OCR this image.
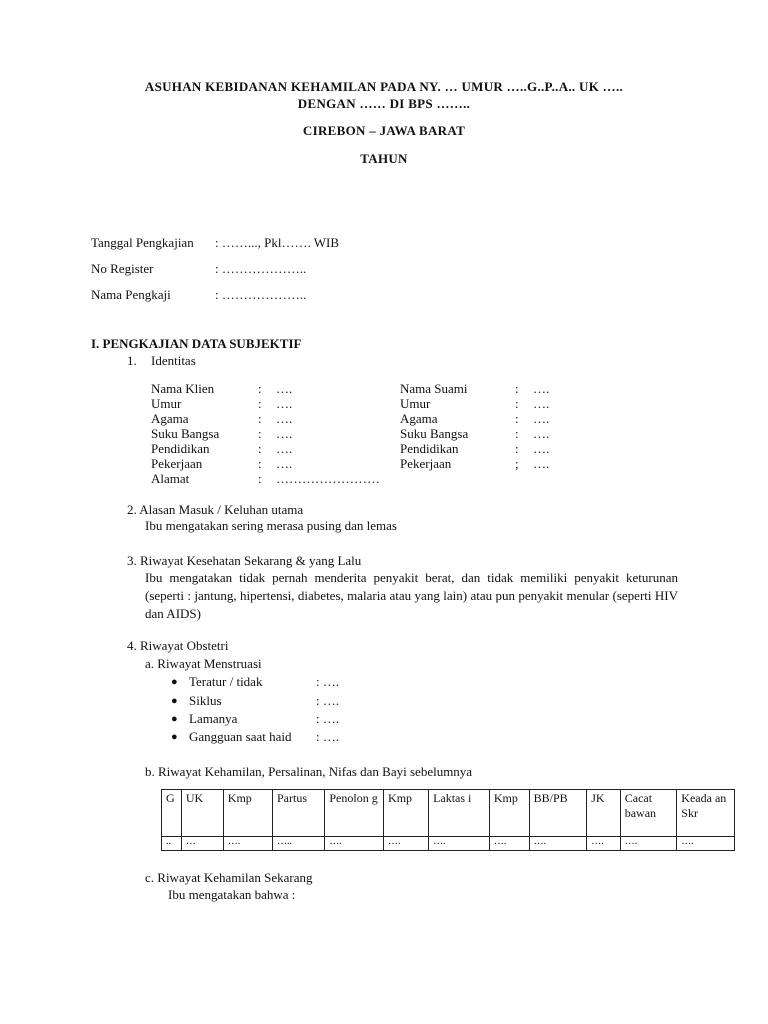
ASUHAN KEBIDANAN KEHAMILAN PADA NY. … UMUR …..G..P..A.. UK …..
DENGAN …… DI BPS ……..
CIREBON – JAWA BARAT
TAHUN
Tanggal Pengkajian : ……..., Pkl……. WIB
No Register	: ………………..
Nama Pengkaji	: ………………..
I. PENGKAJIAN DATA SUBJEKTIF
1. Identitas
Nama Klien	: ….
Umur	: ….
Agama	: ….
Suku Bangsa	: ….
Pendidikan	: ….
Pekerjaan	: ….
Alamat	: ……………………
Nama Suami	: ….
Umur	: ….
Agama	: ….
Suku Bangsa	: ….
Pendidikan	: ….
Pekerjaan	; ….
2. Alasan Masuk / Keluhan utama
Ibu mengatakan sering merasa pusing dan lemas
3. Riwayat Kesehatan Sekarang & yang Lalu
Ibu mengatakan tidak pernah menderita penyakit berat, dan tidak memiliki penyakit keturunan (seperti : jantung, hipertensi, diabetes, malaria atau yang lain) atau pun penyakit menular (seperti HIV dan AIDS)
4. Riwayat Obstetri
a. Riwayat Menstruasi
● Teratur / tidak	: ….
● Siklus	: ….
● Lamanya	: ….
● Gangguan saat haid : ….
b. Riwayat Kehamilan, Persalinan, Nifas dan Bayi sebelumnya
G	UK	Kmp	Partus	Penolon g	Kmp	Laktas i	Kmp	BB/PB	JK	Cacat bawan	Keada an Skr
..	…	….	…..	….	….	….	….	….	….	….	….
c. Riwayat Kehamilan Sekarang
Ibu mengatakan bahwa :
